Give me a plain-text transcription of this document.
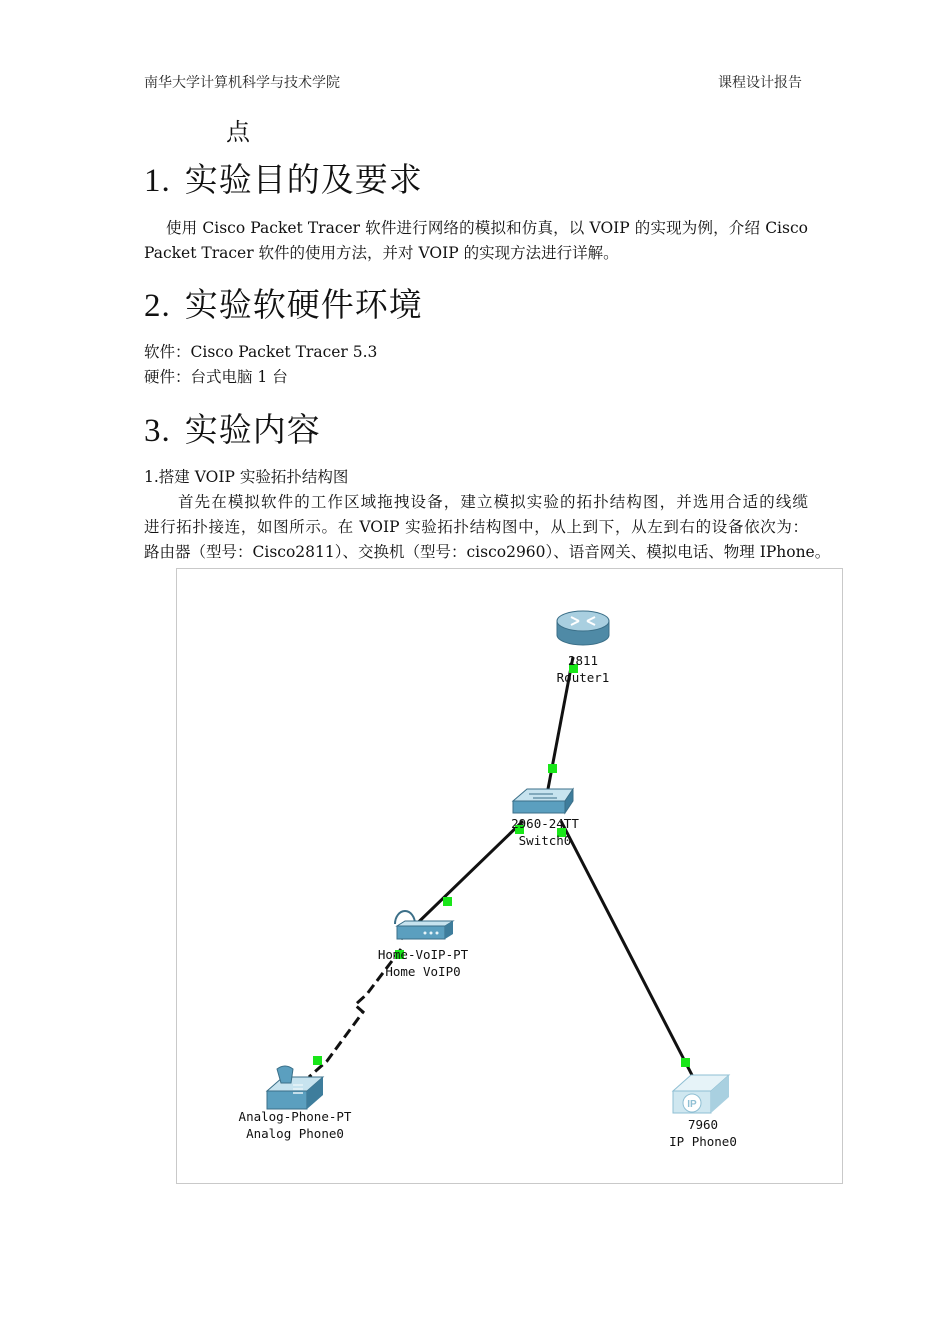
南华大学计算机科学与技术学院	课程设计报告
点
1. 实验目的及要求
使用 Cisco Packet Tracer 软件进行网络的模拟和仿真，以 VOIP 的实现为例，介绍 Cisco
Packet Tracer 软件的使用方法，并对 VOIP 的实现方法进行详解。
2. 实验软硬件环境
软件：Cisco Packet Tracer 5.3
硬件：台式电脑 1 台
3. 实验内容
1.搭建 VOIP 实验拓扑结构图
首先在模拟软件的工作区域拖拽设备，建立模拟实验的拓扑结构图，并选用合适的线缆
进行拓扑接连，如图所示。在 VOIP 实验拓扑结构图中，从上到下，从左到右的设备依次为：
路由器（型号：Cisco2811）、交换机（型号：cisco2960）、语音网关、模拟电话、物理 IPhone。
2811
Router1
2960-24TT
Switch0
Home-VoIP-PT
Home VoIP0
Analog-Phone-PT
Analog Phone0
IP
7960
IP Phone0
